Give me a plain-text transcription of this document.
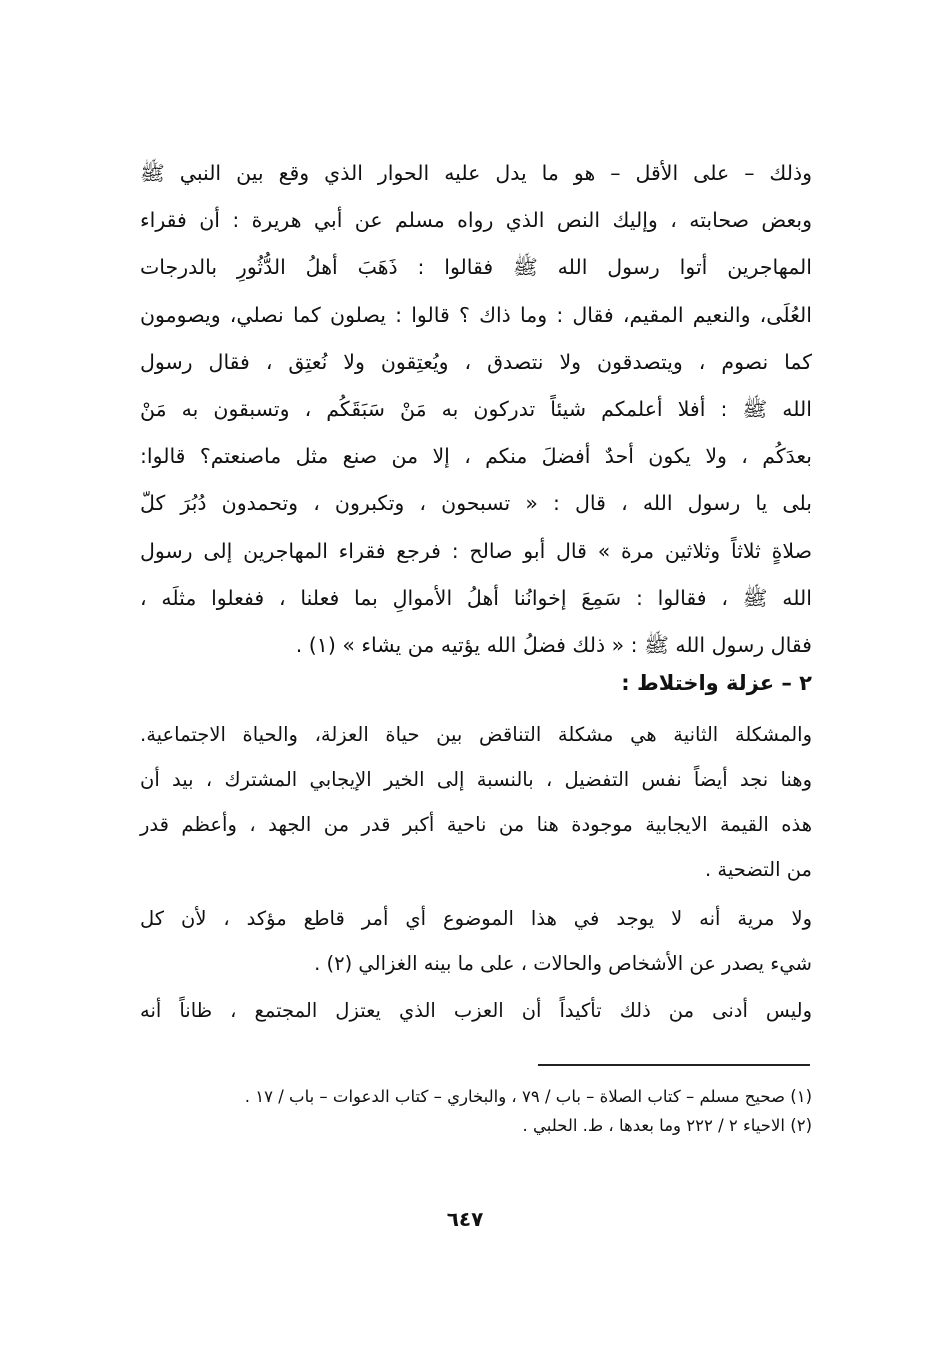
وذلك – على الأقل – هو ما يدل عليه الحوار الذي وقع بين النبي ﷺ
وبعض صحابته ، وإليك النص الذي رواه مسلم عن أبي هريرة : أن فقراء
المهاجرين أتوا رسول الله ﷺ فقالوا : ذَهَبَ أهلُ الدُّثُورِ بالدرجات
العُلَى، والنعيم المقيم، فقال : وما ذاك ؟ قالوا : يصلون كما نصلي، ويصومون
كما نصوم ، ويتصدقون ولا نتصدق ، ويُعتِقون ولا نُعتِق ، فقال رسول
الله ﷺ : أفلا أعلمكم شيئاً تدركون به مَنْ سَبَقَكُم ، وتسبقون به مَنْ
بعدَكُم ، ولا يكون أحدٌ أفضلَ منكم ، إلا من صنع مثل ماصنعتم؟ قالوا:
بلى يا رسول الله ، قال : « تسبحون ، وتكبرون ، وتحمدون دُبُرَ كلّ
صلاةٍ ثلاثاً وثلاثين مرة » قال أبو صالح : فرجع فقراء المهاجرين إلى رسول
الله ﷺ ، فقالوا : سَمِعَ إخوانُنا أهلُ الأموالِ بما فعلنا ، ففعلوا مثلَه ،
فقال رسول الله ﷺ : « ذلك فضلُ الله يؤتيه من يشاء » (١) .
٢ – عزلة واختلاط :
والمشكلة الثانية هي مشكلة التناقض بين حياة العزلة، والحياة الاجتماعية.
وهنا نجد أيضاً نفس التفضيل ، بالنسبة إلى الخير الإيجابي المشترك ، بيد أن
هذه القيمة الايجابية موجودة هنا من ناحية أكبر قدر من الجهد ، وأعظم قدر
من التضحية .
ولا مرية أنه لا يوجد في هذا الموضوع أي أمر قاطع مؤكد ، لأن كل
شيء يصدر عن الأشخاص والحالات ، على ما بينه الغزالي (٢) .
وليس أدنى من ذلك تأكيداً أن العزب الذي يعتزل المجتمع ، ظاناً أنه
(١) صحيح مسلم – كتاب الصلاة – باب / ٧٩ ، والبخاري – كتاب الدعوات – باب / ١٧ .
(٢) الاحياء ٢ / ٢٢٢ وما بعدها ، ط. الحلبي .
٦٤٧
